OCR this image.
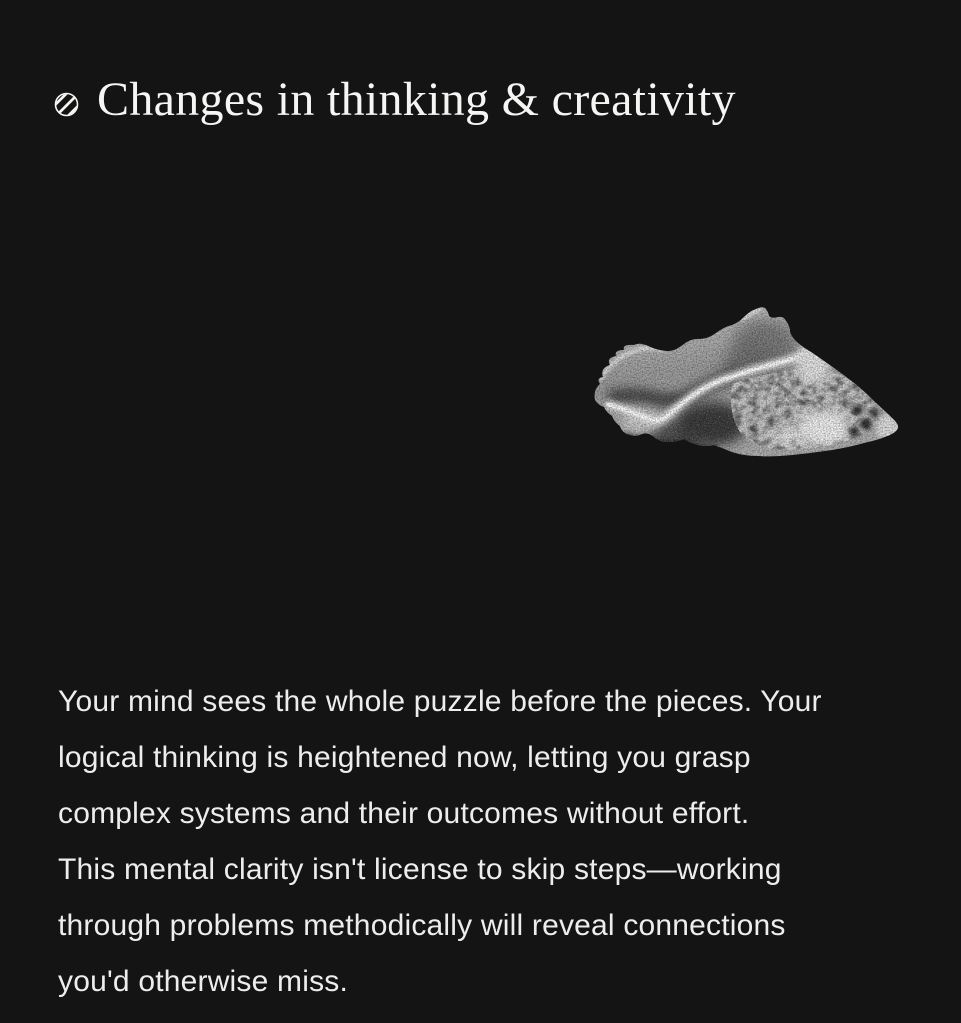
Changes in thinking & creativity
Your mind sees the whole puzzle before the pieces. Your
logical thinking is heightened now, letting you grasp
complex systems and their outcomes without effort.
This mental clarity isn't license to skip steps—working
through problems methodically will reveal connections
you'd otherwise miss.
